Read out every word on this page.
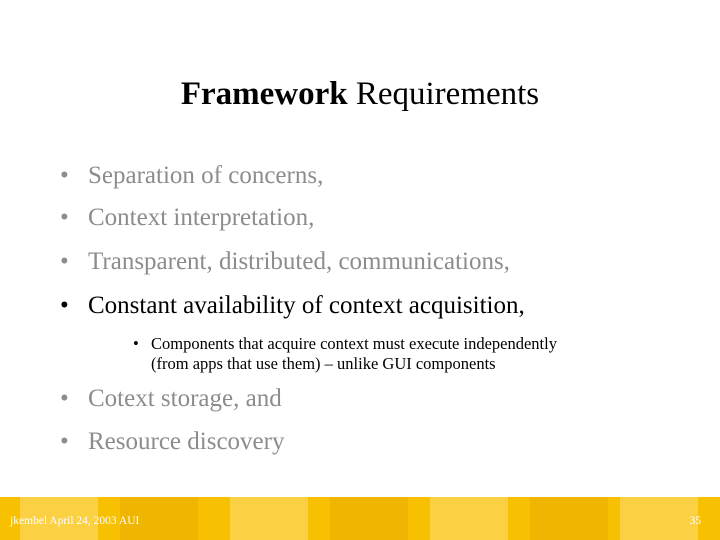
Framework Requirements
• Separation of concerns,
• Context interpretation,
• Transparent, distributed, communications,
• Constant availability of context acquisition,
• Components that acquire context must execute independently
(from apps that use them) – unlike GUI components
• Cotext storage, and
• Resource discovery
jkembel April 24, 2003 AUI	35
